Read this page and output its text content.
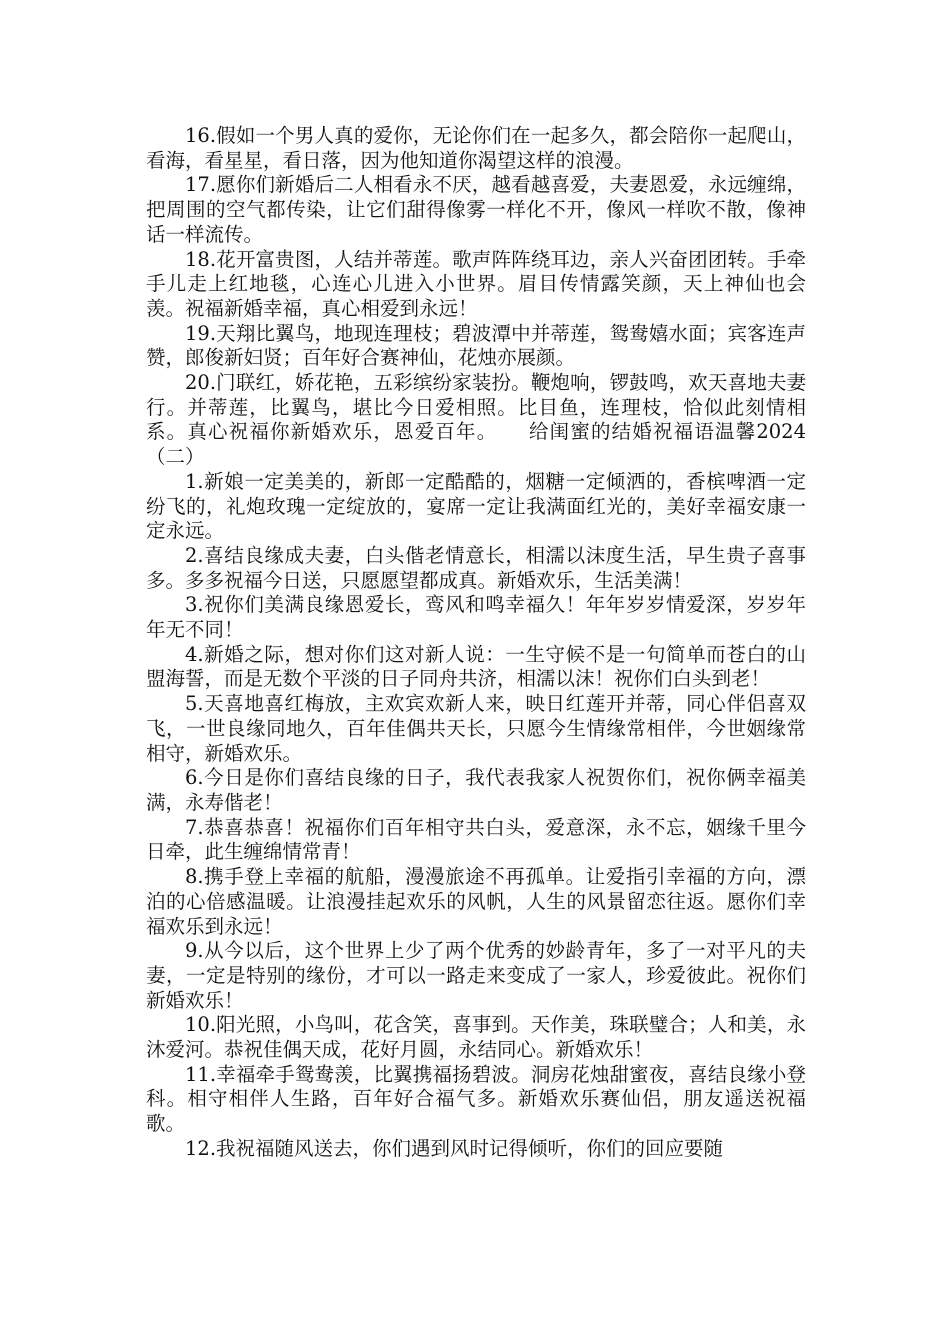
16.假如一个男人真的爱你，无论你们在一起多久，都会陪你一起爬山，看海，看星星，看日落，因为他知道你渴望这样的浪漫。

17.愿你们新婚后二人相看永不厌，越看越喜爱，夫妻恩爱，永远缠绵，把周围的空气都传染，让它们甜得像雾一样化不开，像风一样吹不散，像神话一样流传。

18.花开富贵图，人结并蒂莲。歌声阵阵绕耳边，亲人兴奋团团转。手牵手儿走上红地毯，心连心儿进入小世界。眉目传情露笑颜，天上神仙也会羡。祝福新婚幸福，真心相爱到永远！

19.天翔比翼鸟，地现连理枝；碧波潭中并蒂莲，鸳鸯嬉水面；宾客连声赞，郎俊新妇贤；百年好合赛神仙，花烛亦展颜。

20.门联红，娇花艳，五彩缤纷家装扮。鞭炮响，锣鼓鸣，欢天喜地夫妻行。并蒂莲，比翼鸟，堪比今日爱相照。比目鱼，连理枝，恰似此刻情相系。真心祝福你新婚欢乐，恩爱百年。　　给闺蜜的结婚祝福语温馨2024（二）

1.新娘一定美美的，新郎一定酷酷的，烟糖一定倾洒的，香槟啤酒一定纷飞的，礼炮玫瑰一定绽放的，宴席一定让我满面红光的，美好幸福安康一定永远。

2.喜结良缘成夫妻，白头偕老情意长，相濡以沫度生活，早生贵子喜事多。多多祝福今日送，只愿愿望都成真。新婚欢乐，生活美满！

3.祝你们美满良缘恩爱长，鸾风和鸣幸福久！年年岁岁情爱深，岁岁年年无不同！

4.新婚之际，想对你们这对新人说：一生守候不是一句简单而苍白的山盟海誓，而是无数个平淡的日子同舟共济，相濡以沫！祝你们白头到老！

5.天喜地喜红梅放，主欢宾欢新人来，映日红莲开并蒂，同心伴侣喜双飞，一世良缘同地久，百年佳偶共天长，只愿今生情缘常相伴，今世姻缘常相守，新婚欢乐。

6.今日是你们喜结良缘的日子，我代表我家人祝贺你们，祝你俩幸福美满，永寿偕老！

7.恭喜恭喜！祝福你们百年相守共白头，爱意深，永不忘，姻缘千里今日牵，此生缠绵情常青！

8.携手登上幸福的航船，漫漫旅途不再孤单。让爱指引幸福的方向，漂泊的心倍感温暖。让浪漫挂起欢乐的风帆，人生的风景留恋往返。愿你们幸福欢乐到永远！

9.从今以后，这个世界上少了两个优秀的妙龄青年，多了一对平凡的夫妻，一定是特别的缘份，才可以一路走来变成了一家人，珍爱彼此。祝你们新婚欢乐！

10.阳光照，小鸟叫，花含笑，喜事到。天作美，珠联璧合；人和美，永沐爱河。恭祝佳偶天成，花好月圆，永结同心。新婚欢乐！

11.幸福牵手鸳鸯羡，比翼携福扬碧波。洞房花烛甜蜜夜，喜结良缘小登科。相守相伴人生路，百年好合福气多。新婚欢乐赛仙侣，朋友遥送祝福歌。

12.我祝福随风送去，你们遇到风时记得倾听，你们的回应要随
